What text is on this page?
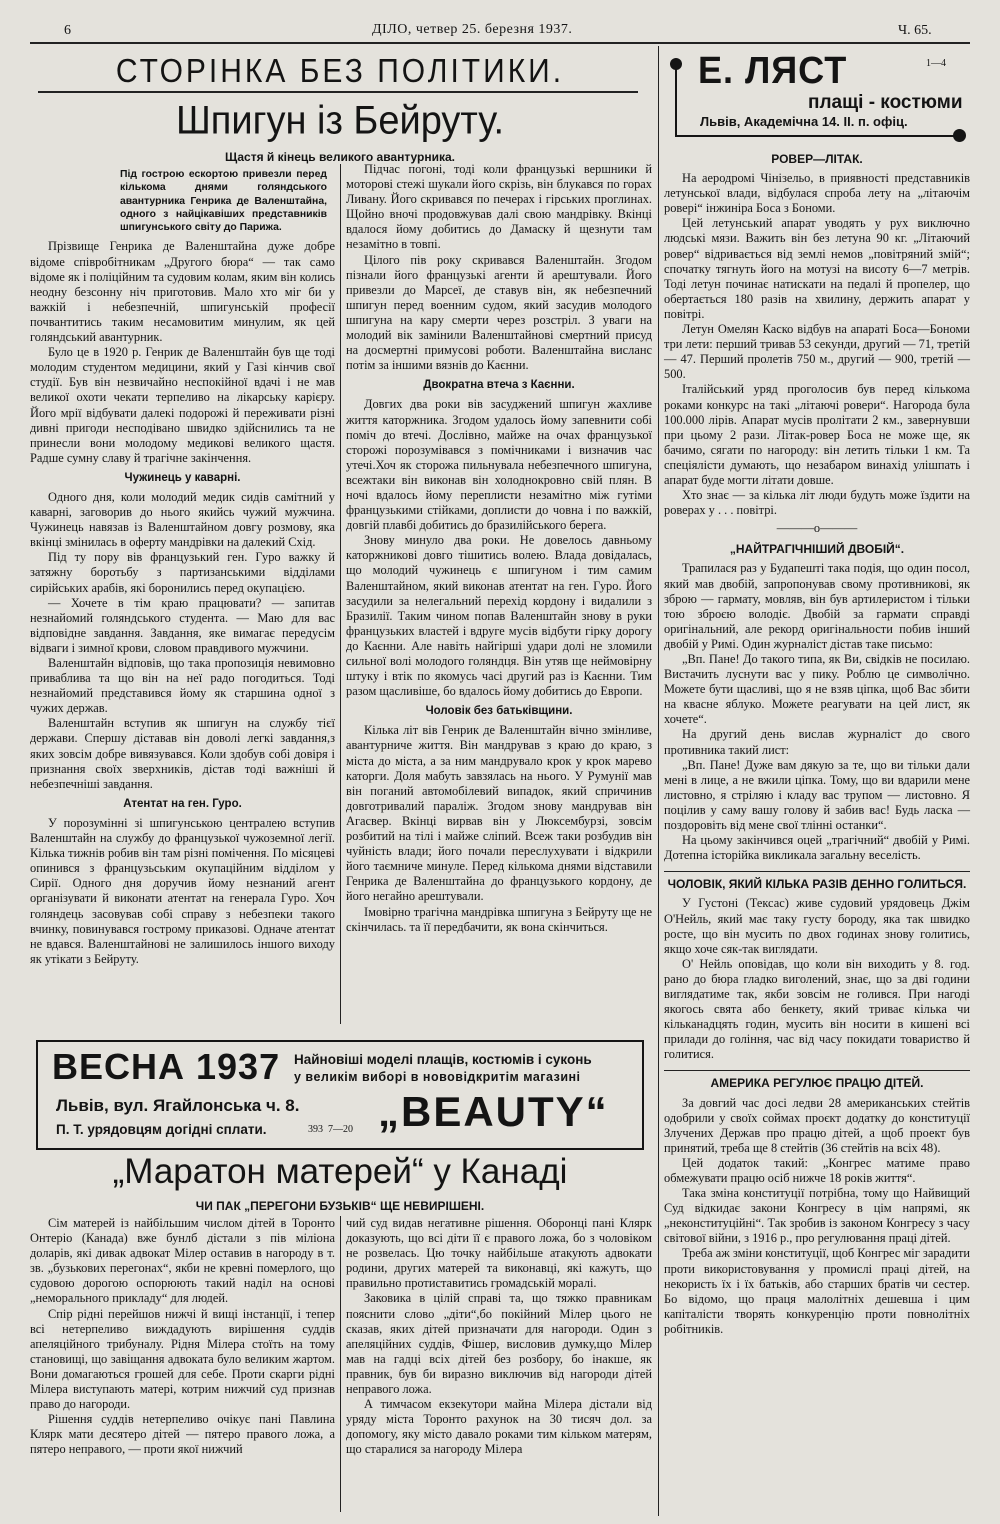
6	ДІЛО, четвер 25. березня 1937.	Ч. 65.
СТОРІНКА БЕЗ ПОЛІТИКИ.
Шпигун із Бейруту.
Щастя й кінець великого авантурника.

Під гострою ескортою привезли перед кількома днями голяндського авантурника Генрика де Валенштайна, одного з найцікавіших представників шпигунського світу до Парижа.

Прізвище Генрика де Валенштайна дуже добре відоме співробітникам „Другого бюра“ — так само відоме як і поліційним та судовим колам, яким він колись неодну безсонну ніч приготовив. Мало хто міг би у важкій і небезпечній, шпигунській професії почвантитись таким несамовитим минулим, як цей голяндський авантурник.

Було це в 1920 р. Генрик де Валенштайн був ще тоді молодим студентом медицини, який у Газі кінчив свої студії. Був він незвичайно неспокійної вдачі і не мав великої охоти чекати терпеливо на лікарську карієру. Його мрії відбувати далекі подорожі й переживати різні дивні пригоди несподівано швидко здійснились та не принесли вони молодому медикові великого щастя. Радше сумну славу й трагічне закінчення.

Чужинець у каварні.

Одного дня, коли молодий медик сидів самітний у каварні, заговорив до нього якийсь чужий мужчина. Чужинець навязав із Валенштайном довгу розмову, яка вкінці змінилась в оферту мандрівки на далекий Схід.

Під ту пору вів французький ген. Гуро важку й затяжну боротьбу з партизанськими відділами сирійських арабів, які боронились перед окупацією.

— Хочете в тім краю працювати? — запитав незнайомий голяндського студента. — Маю для вас відповідне завдання. Завдання, яке вимагає передусім відваги і зимної крови, словом правдивого мужчини.

Валенштайн відповів, що така пропозиція невимовно приваблива та що він на неї радо погодиться. Тоді незнайомий представився йому як старшина одної з чужих держав.

Валенштайн вступив як шпигун на службу тієї держави. Спершу діставав він доволі легкі завдання,з яких зовсім добре вивязувався. Коли здобув собі довіря і признання своїх зверхників, дістав тоді важніші й небезпечніші завдання.

Атентат на ген. Гуро.

У порозумінні зі шпигунською централею вступив Валенштайн на службу до французької чужоземної легії. Кілька тижнів робив він там різні помічення. По місяцеві опинився з французьським окупаційним відділом у Сирії. Одного дня доручив йому незнаний агент організувати й виконати атентат на генерала Гуро. Хоч голяндець засовував собі справу з небезпеки такого вчинку, повинувався гострому приказові. Одначе атентат не вдався. Валенштайнові не залишилось іншого виходу як утікати з Бейруту.

Підчас погоні, тоді коли французькі вершники й моторові стежі шукали його скрізь, він блукався по горах Ливану. Його скривався по печерах і гірських проглинах. Щойно вночі продовжував далі свою мандрівку. Вкінці вдалося йому добитись до Дамаску й щезнути там незамітно в товпі.

Цілого пів року скривався Валенштайн. Згодом пізнали його французькі агенти й арештували. Його привезли до Марсеї, де ставув він, як небезпечний шпигун перед военним судом, який засудив молодого шпигуна на кару смерти через розстріл. З уваги на молодий вік замінили Валенштайнові смертний присуд на досмертні примусові роботи. Валенштайна висланс потім за іншими вязнів до Каєнни.

Двократна втеча з Каєнни.

Довгих два роки вів засуджений шпигун жахливе життя каторжника. Згодом удалось йому запевнити собі поміч до втечі. Дослівно, майже на очах французької сторожі порозумівався з помічниками і визначив час утечі.Хоч як сторожа пильнувала небезпечного шпигуна, всежтаки він виконав він холоднокровно свій плян. В ночі вдалось йому переплисти незамітно між гутіми французькими стійками, доплисти до човна і по важкій, довгій плавбі добитись до бразилійського берега.

Знову минуло два роки. Не довелось давньому каторжникові довго тішитись волею. Влада довідалась, що молодий чужинець є шпигуном і тим самим Валенштайном, який виконав атентат на ген. Гуро. Його засудили за нелегальний перехід кордону і видалили з Бразилії. Таким чином попав Валенштайн знову в руки французьких властей і вдруге мусів відбути гірку дорогу до Каєнни. Але навіть найгірші удари долі не зломили сильної волі молодого голяндця. Він утяв ще неймовірну штуку і втік по якомусь часі другий раз із Каєнни. Тим разом щасливіше, бо вдалось йому добитись до Европи.

Чоловік без батьківщини.

Кілька літ вів Генрик де Валенштайн вічно змінливе, авантурниче життя. Він мандрував з краю до краю, з міста до міста, а за ним мандрувало крок у крок марево каторги. Доля мабуть завзялась на нього. У Румунії мав він поганий автомобілевий випадок, який спричинив довготривалий параліж. Згодом знову мандрував він Агасвер. Вкінці вирвав він у Люксембурзі, зовсім розбитий на тілі і майже сліпий. Всеж таки розбудив він чуйність влади; його почали переслухувати і відкрили його таємниче минуле. Перед кількома днями відставили Генрика де Валенштайна до французького кордону, де його негайно арештували.

Імовірно трагічна мандрівка шпигуна з Бейруту ще не скінчилась. та її передбачити, як вона скінчиться.

Е. ЛЯСТ	1—4
плащі - костюми
Львів, Академічна 14. II. п. офіц.
РОВЕР—ЛІТАК.

На аеродромі Чінізельо, в приявності представників летунської влади, відбулася спроба лету на „літаючім ровері“ інжиніра Боса з Бономи.

Цей летунський апарат уводять у рух виключно людські мязи. Важить він без летуна 90 кг. „Літаючий ровер“ відривається від землі немов „повітряний змій“; спочатку тягнуть його на мотузі на висоту 6—7 метрів. Тоді летун починає натискати на педалі й пропелер, що обертається 180 разів на хвилину, держить апарат у повітрі.

Летун Омелян Каско відбув на апараті Боса—Бономи три лети: перший тривав 53 секунди, другий — 71, третій — 47. Перший пролетів 750 м., другий — 900, третій — 500.

Італійський уряд проголосив був перед кількома роками конкурс на такі „літаючі ровери“. Нагорода була 100.000 лірів. Апарат мусів пролітати 2 км., завернувши при цьому 2 рази. Літак-ровер Боса не може ще, як бачимо, сягати по нагороду: він летить тільки 1 км. Та спеціялісти думають, що незабаром винахід улішпать і апарат буде могти літати довше.

Хто знає — за кілька літ люди будуть може їздити на роверах у . . . повітрі.

———о———
„НАЙТРАГІЧНІШИЙ ДВОБІЙ“.

Трапилася раз у Будапешті така подія, що один посол, який мав двобій, запропонував свому противникові, як зброю — гармату, мовляв, він був артилеристом і тільки тою зброєю володіє. Двобій за гармати справді оригінальний, але рекорд оригінальности побив інший двобій у Римі. Один журналіст дістав таке письмо:

„Вп. Пане! До такого типа, як Ви, свідків не посилаю. Вистачить луснути вас у пику. Роблю це символічно. Можете бути щасливі, що я не взяв ціпка, щоб Вас збити на квасне яблуко. Можете реагувати на цей лист, як хочете“.

На другий день вислав журналіст до свого противника такий лист:

„Вп. Пане! Дуже вам дякую за те, що ви тільки дали мені в лице, а не вжили ціпка. Тому, що ви вдарили мене листовно, я стріляю і кладу вас трупом — листовно. Я поцілив у саму вашу голову й забив вас! Будь ласка — поздоровіть від мене свої тлінні останки“.

На цьому закінчився оцей „трагічний“ двобій у Римі. Дотепна історійка викликала загальну веселість.

ЧОЛОВІК, ЯКИЙ КІЛЬКА РАЗІВ ДЕННО ГОЛИТЬСЯ.

У Густоні (Тексас) живе судовий урядовець Джім О'Нейль, який має таку густу бороду, яка так швидко росте, що він мусить по двох годинах знову голитись, якщо хоче сяк-так виглядати.

О' Нейль оповідав, що коли він виходить у 8. год. рано до бюра гладко виголений, знає, що за дві години виглядатиме так, якби зовсім не голився. При нагоді якогось свята або бенкету, який триває кілька чи кільканадцять годин, мусить він носити в кишені всі прилади до гоління, час від часу покидати товариство й голитися.

АМЕРИКА РЕГУЛЮЄ ПРАЦЮ ДІТЕЙ.

За довгий час досі ледви 28 американських стейтів одобрили у своїх соймах проєкт додатку до конституції Злучених Держав про працю дітей, а щоб проект був принятий, треба ще 8 стейтів (36 стейтів на всіх 48).

Цей додаток такий: „Конгрес матиме право обмежувати працю осіб нижче 18 років життя“.

Така зміна конституції потрібна, тому що Найвищий Суд відкидає закони Конгресу в цім напрямі, як „неконституційні“. Так зробив із законом Конгресу з часу світової війни, з 1916 р., про регулювання праці дітей.

Треба аж зміни конституції, щоб Конгрес міг зарадити проти використовування у промислі праці дітей, на некористь їх і їх батьків, або старших братів чи сестер. Бо відомо, що праця малолітніх дешевша і цим капіталісти творять конкуренцію проти повнолітніх робітників.

ВЕСНА 1937 Найновіші моделі плащів, костюмів і суконь
у великім виборі в нововідкритім магазині
Львів, вул. Ягайлонська ч. 8.
П. Т. урядовцям догідні сплати.	393  7—20 „BEAUTY“
„Маратон матерей“ у Канаді
ЧИ ПАК „ПЕРЕГОНИ БУЗЬКІВ“ ЩЕ НЕВИРІШЕНІ.

Сім матерей із найбільшим числом дітей в Торонто Онтеріо (Канада) вже бунлб дістали з пів міліона доларів, які дивак адвокат Мілер оставив в нагороду в т. зв. „бузькових перегонах“, якби не кревні померлого, що судовою дорогою оспорюють такий наділ на основі „неморального прикладу“ для людей.

Спір рідні перейшов нижчі й вищі інстанції, і тепер всі нетерпеливо виждадують вирішення суддів апеляційного трибуналу. Рідня Мілера стоїть на тому становищі, що завіщання адвоката було великим жартом. Вони домагаються грошей для себе. Проти скарги рідні Мілера виступають матері, котрим нижчий суд признав право до нагороди.

Рішення суддів нетерпеливо очікує пані Павлина Кляpк мати десятеро дітей — пятеро правого ложа, а пятеро неправого, — проти якої нижчий

чий суд видав негативне рішення. Оборонці пані Клярк доказують, що всі діти її є правого ложа, бо з чоловіком не розвелась. Цю точку найбільше атакують адвокати родини, других матерей та виконавці, які кажуть, що правильно протиставитись громадській моралі.

Заковика в цілій справі та, що тяжко правникам пояснити слово „діти“,бо покійний Мілер цього не сказав, яких дітей призначати для нагороди. Один з апеляційних суддів, Фішер, висловив думку,що Мілер мав на гадці всіх дітей без розбору, бо інакше, як правник, був би виразно виключив від нагороди дітей неправого ложа.

А тимчасом екзекутори майна Мілера дістали від уряду міста Торонто рахунок на 30 тисяч дол. за допомогу, яку місто давало роками тим кільком матерям, що старалися за нагороду Мілера
